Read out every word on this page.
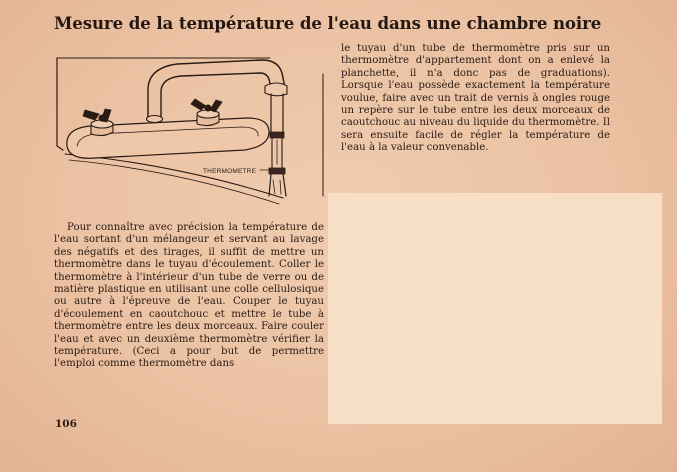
Mesure de la température de l'eau dans une chambre noire
THERMOMETRE

Pour connaître avec précision la température de l'eau sortant d'un mélangeur et servant au lavage des négatifs et des tirages, il suffit de mettre un thermomètre dans le tuyau d'écoulement. Coller le thermomètre à l'intérieur d'un tube de verre ou de matière plastique en utilisant une colle cellulosique ou autre à l'épreuve de l'eau. Couper le tuyau d'écoulement en caoutchouc et mettre le tube à thermomètre entre les deux morceaux. Faire couler l'eau et avec un deuxième thermomètre vérifier la température. (Ceci a pour but de permettre l'emploi comme thermomètre dans

le tuyau d'un tube de thermomètre pris sur un thermomètre d'appartement dont on a enlevé la planchette, il n'a donc pas de graduations). Lorsque l'eau possède exactement la température voulue, faire avec un trait de vernis à ongles rouge un repère sur le tube entre les deux morceaux de caoutchouc au niveau du liquide du thermomètre. Il sera ensuite facile de régler la température de l'eau à la valeur convenable.

106
